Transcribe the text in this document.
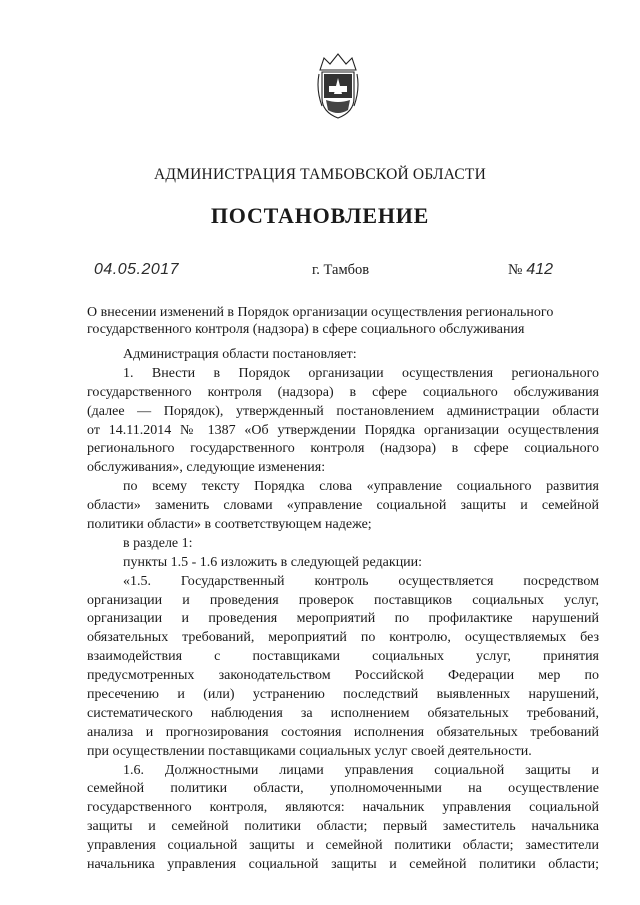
АДМИНИСТРАЦИЯ ТАМБОВСКОЙ ОБЛАСТИ
ПОСТАНОВЛЕНИЕ
04.05.2017	г. Тамбов	№ 412
О внесении изменений в Порядок организации осуществления регионального
государственного контроля (надзора) в сфере социального обслуживания
Администрация области постановляет:
1. Внести в Порядок организации осуществления регионального
государственного контроля (надзора) в сфере социального обслуживания
(далее — Порядок), утвержденный постановлением администрации области
от 14.11.2014 № 1387 «Об утверждении Порядка организации осуществления
регионального государственного контроля (надзора) в сфере социального
обслуживания», следующие изменения:
по всему тексту Порядка слова «управление социального развития
области» заменить словами «управление социальной защиты и семейной
политики области» в соответствующем надеже;
в разделе 1:
пункты 1.5 - 1.6 изложить в следующей редакции:
«1.5. Государственный контроль осуществляется посредством
организации и проведения проверок поставщиков социальных услуг,
организации и проведения мероприятий по профилактике нарушений
обязательных требований, мероприятий по контролю, осуществляемых без
взаимодействия с поставщиками социальных услуг, принятия
предусмотренных законодательством Российской Федерации мер по
пресечению и (или) устранению последствий выявленных нарушений,
систематического наблюдения за исполнением обязательных требований,
анализа и прогнозирования состояния исполнения обязательных требований
при осуществлении поставщиками социальных услуг своей деятельности.
1.6. Должностными лицами управления социальной защиты и
семейной политики области, уполномоченными на осуществление
государственного контроля, являются: начальник управления социальной
защиты и семейной политики области; первый заместитель начальника
управления социальной защиты и семейной политики области; заместители
начальника управления социальной защиты и семейной политики области;
